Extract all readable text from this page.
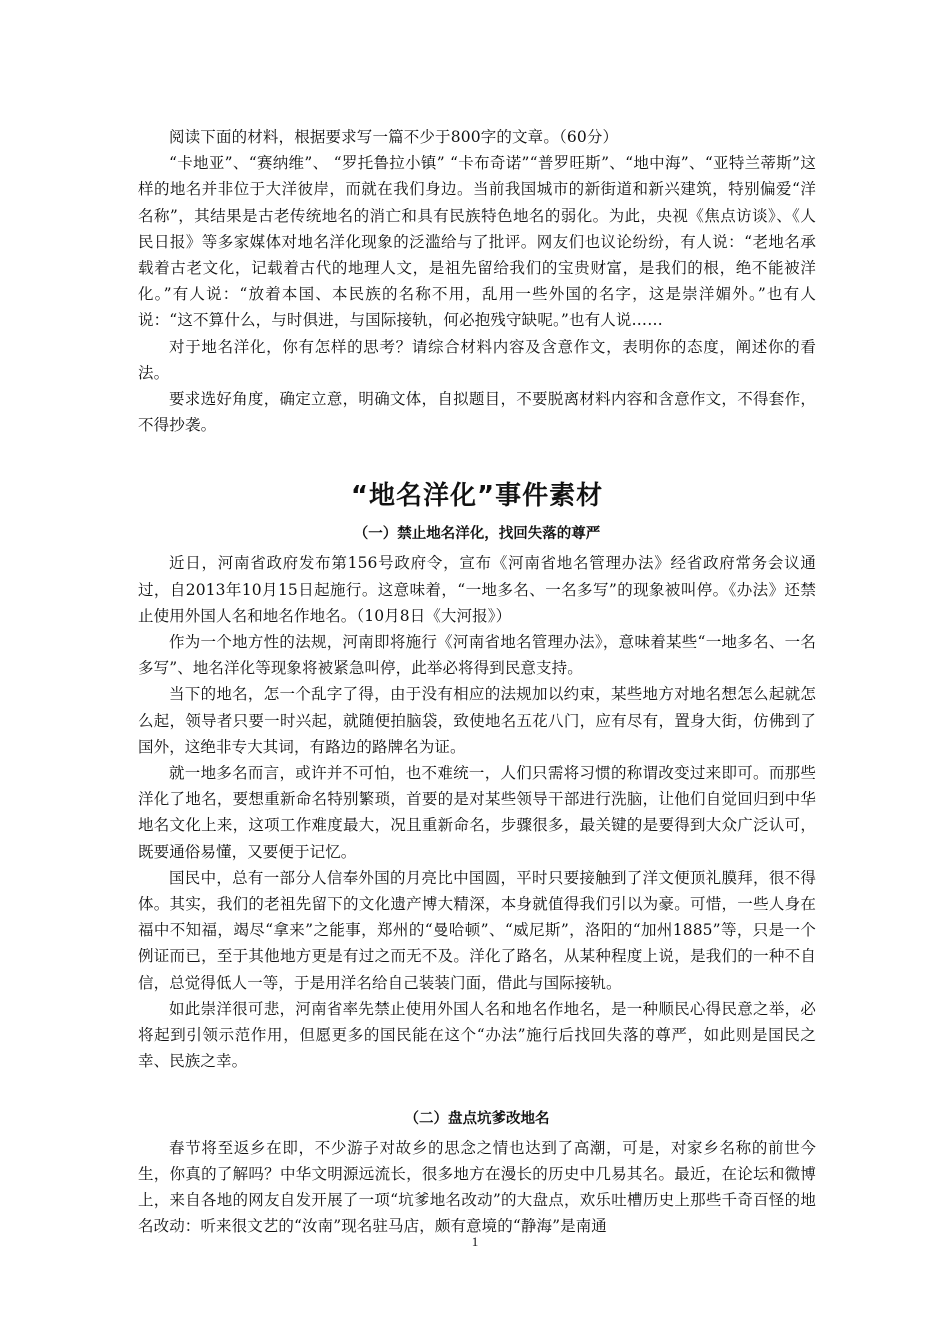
阅读下面的材料，根据要求写一篇不少于800字的文章。（60分）

“卡地亚”、“赛纳维”、 “罗托鲁拉小镇” “卡布奇诺”“普罗旺斯”、“地中海”、“亚特兰蒂斯”这样的地名并非位于大洋彼岸，而就在我们身边。当前我国城市的新街道和新兴建筑，特别偏爱“洋名称”，其结果是古老传统地名的消亡和具有民族特色地名的弱化。为此，央视《焦点访谈》、《人民日报》等多家媒体对地名洋化现象的泛滥给与了批评。网友们也议论纷纷，有人说：“老地名承载着古老文化，记载着古代的地理人文，是祖先留给我们的宝贵财富，是我们的根，绝不能被洋化。”有人说：“放着本国、本民族的名称不用，乱用一些外国的名字，这是崇洋媚外。”也有人说：“这不算什么，与时俱进，与国际接轨，何必抱残守缺呢。”也有人说……

对于地名洋化，你有怎样的思考？请综合材料内容及含意作文，表明你的态度，阐述你的看法。

要求选好角度，确定立意，明确文体，自拟题目，不要脱离材料内容和含意作文，不得套作，不得抄袭。

“地名洋化”事件素材
（一）禁止地名洋化，找回失落的尊严

近日，河南省政府发布第156号政府令，宣布《河南省地名管理办法》经省政府常务会议通过，自2013年10月15日起施行。这意味着，“一地多名、一名多写”的现象被叫停。《办法》还禁止使用外国人名和地名作地名。（10月8日《大河报》）

作为一个地方性的法规，河南即将施行《河南省地名管理办法》，意味着某些“一地多名、一名多写”、地名洋化等现象将被紧急叫停，此举必将得到民意支持。

当下的地名，怎一个乱字了得，由于没有相应的法规加以约束，某些地方对地名想怎么起就怎么起，领导者只要一时兴起，就随便拍脑袋，致使地名五花八门，应有尽有，置身大街，仿佛到了国外，这绝非专大其词，有路边的路牌名为证。

就一地多名而言，或许并不可怕，也不难统一，人们只需将习惯的称谓改变过来即可。而那些洋化了地名，要想重新命名特别繁琐，首要的是对某些领导干部进行洗脑，让他们自觉回归到中华地名文化上来，这项工作难度最大，况且重新命名，步骤很多，最关键的是要得到大众广泛认可，既要通俗易懂，又要便于记忆。

国民中，总有一部分人信奉外国的月亮比中国圆，平时只要接触到了洋文便顶礼膜拜，很不得体。其实，我们的老祖先留下的文化遗产博大精深，本身就值得我们引以为豪。可惜，一些人身在福中不知福，竭尽“拿来”之能事，郑州的“曼哈顿”、“威尼斯”，洛阳的“加州1885”等，只是一个例证而已，至于其他地方更是有过之而无不及。洋化了路名，从某种程度上说，是我们的一种不自信，总觉得低人一等，于是用洋名给自己装装门面，借此与国际接轨。

如此崇洋很可悲，河南省率先禁止使用外国人名和地名作地名，是一种顺民心得民意之举，必将起到引领示范作用，但愿更多的国民能在这个“办法”施行后找回失落的尊严，如此则是国民之幸、民族之幸。

（二）盘点坑爹改地名

春节将至返乡在即，不少游子对故乡的思念之情也达到了高潮，可是，对家乡名称的前世今生，你真的了解吗？中华文明源远流长，很多地方在漫长的历史中几易其名。最近，在论坛和微博上，来自各地的网友自发开展了一项“坑爹地名改动”的大盘点，欢乐吐槽历史上那些千奇百怪的地名改动：听来很文艺的“汝南”现名驻马店，颇有意境的“静海”是南通

1
